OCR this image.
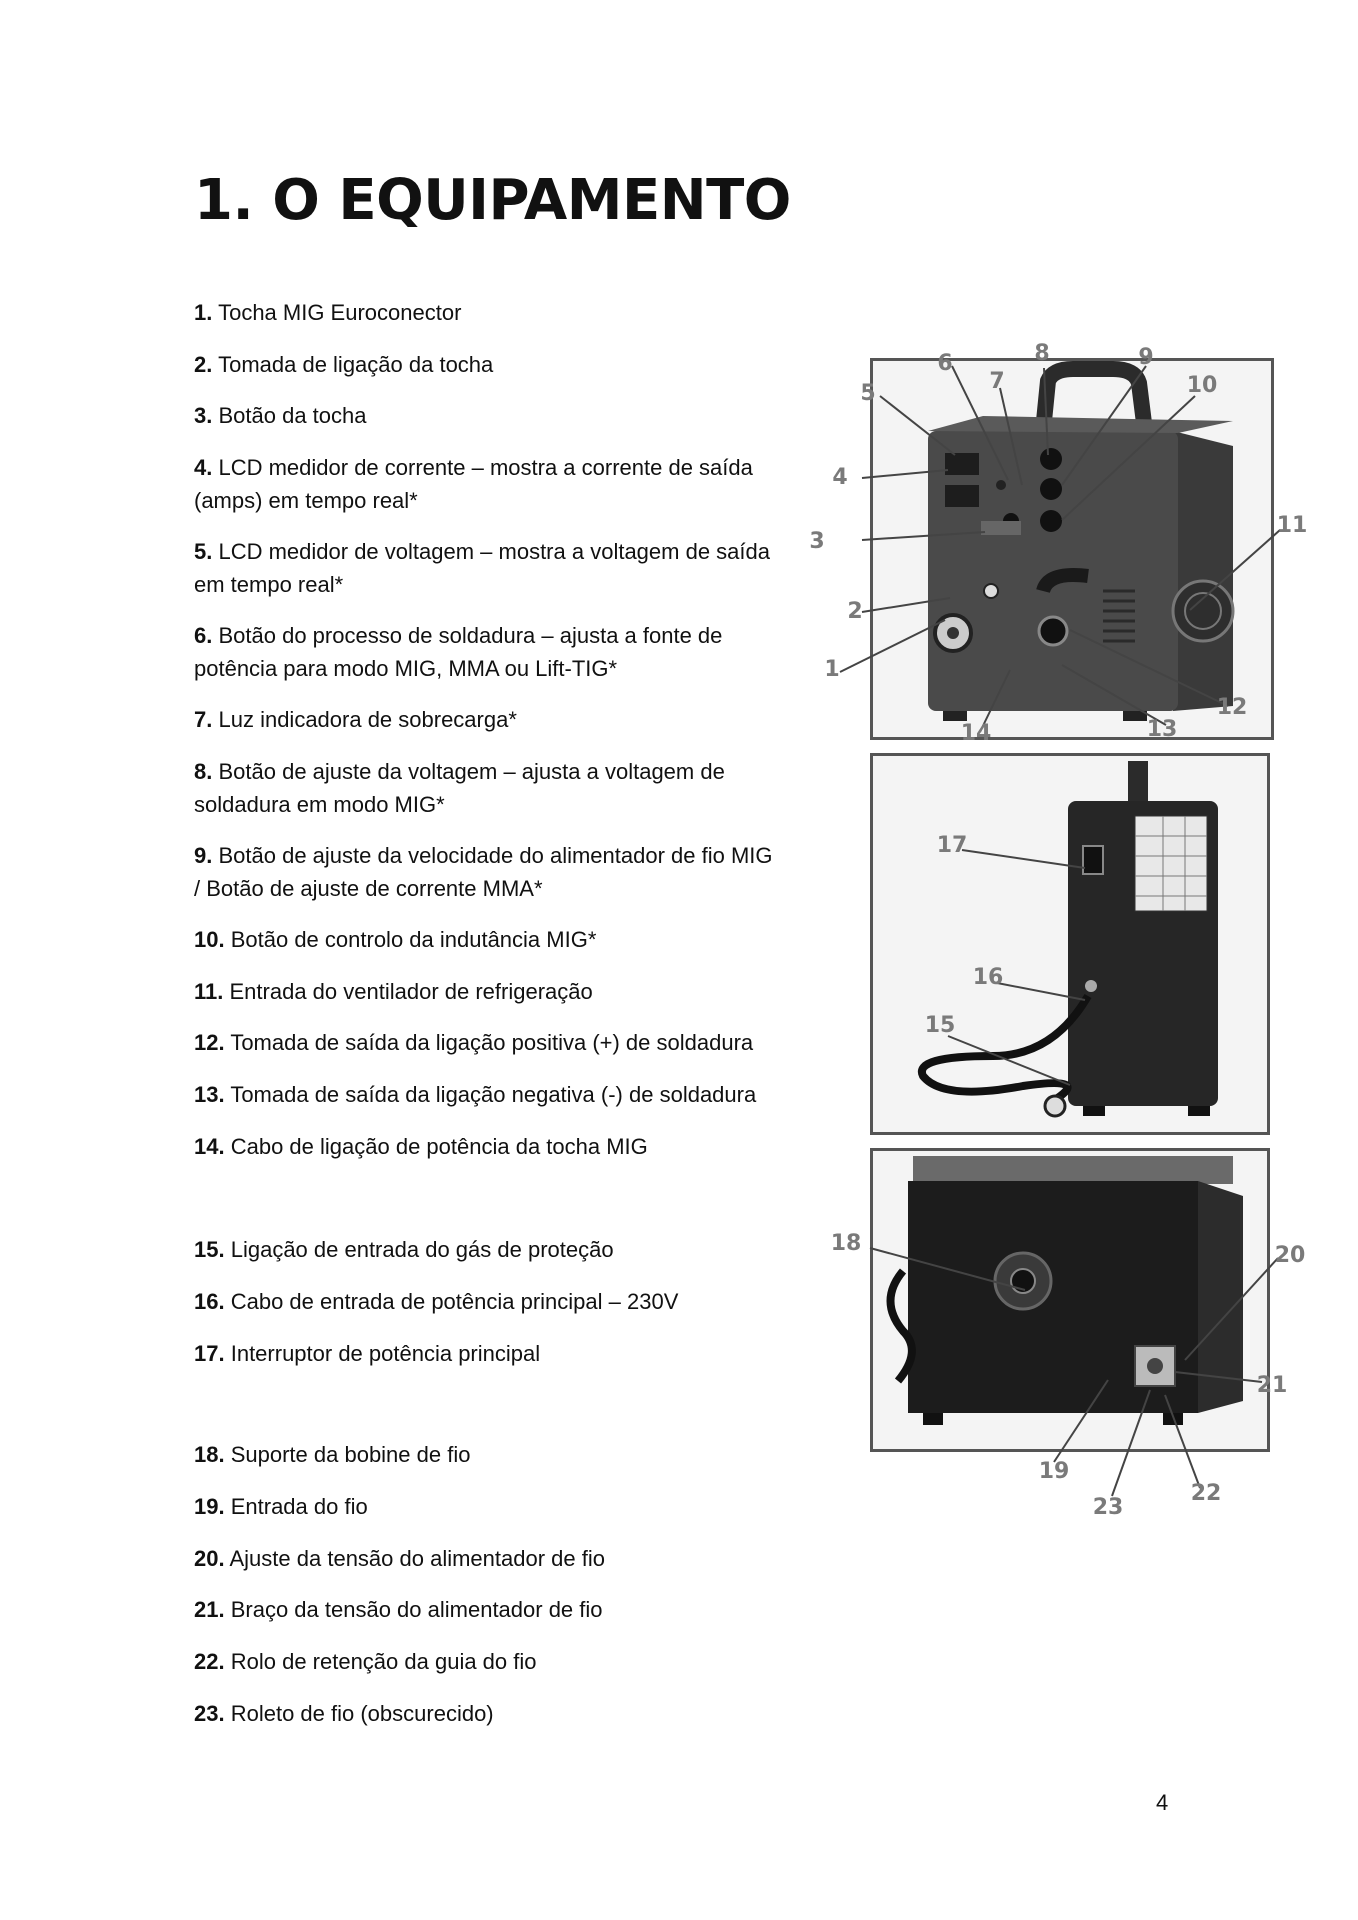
1. O EQUIPAMENTO
1. Tocha MIG Euroconector
2. Tomada de ligação da tocha
3. Botão da tocha
4. LCD medidor de corrente – mostra a corrente de saída (amps) em tempo real*
5. LCD medidor de voltagem – mostra a voltagem de saída em tempo real*
6. Botão do processo de soldadura – ajusta a fonte de potência para modo MIG, MMA ou Lift-TIG*
7. Luz indicadora de sobrecarga*
8. Botão de ajuste da voltagem – ajusta a voltagem de soldadura em modo MIG*
9. Botão de ajuste da velocidade do alimentador de fio MIG / Botão de ajuste de corrente MMA*
10. Botão de controlo da indutância MIG*
11. Entrada do ventilador de refrigeração
12. Tomada de saída da ligação positiva (+) de soldadura
13. Tomada de saída da ligação negativa (-) de soldadura
14. Cabo de ligação de potência da tocha MIG
15. Ligação de entrada do gás de proteção
16. Cabo de entrada de potência principal – 230V
17. Interruptor de potência principal
18. Suporte da bobine de fio
19. Entrada do fio
20. Ajuste da tensão do alimentador de fio
21. Braço da tensão do alimentador de fio
22. Rolo de retenção da guia do fio
23. Roleto de fio (obscurecido)
1
2
3
4
5
6
7
8	9
10
11
12
13
14
15
16
17
18
19
20
21
22
23
4
